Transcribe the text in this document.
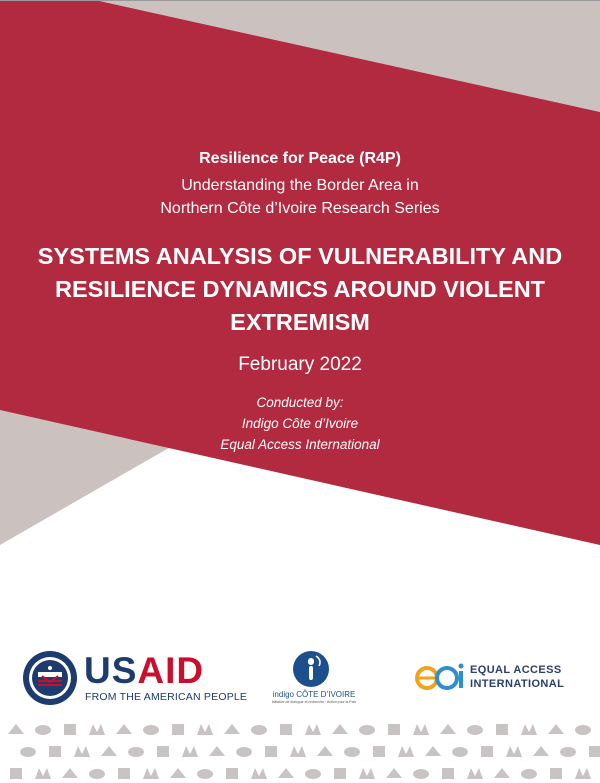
Resilience for Peace (R4P)
Understanding the Border Area in
Northern Côte d’Ivoire Research Series
SYSTEMS ANALYSIS OF VULNERABILITY AND RESILIENCE DYNAMICS AROUND VIOLENT EXTREMISM
February 2022
Conducted by:
Indigo Côte d’Ivoire
Equal Access International
USAID
FROM THE AMERICAN PEOPLE	indigo CÔTE D’IVOIRE
initiative de dialogue et recherche · Action pour la Paix
EQUAL ACCESS
INTERNATIONAL
